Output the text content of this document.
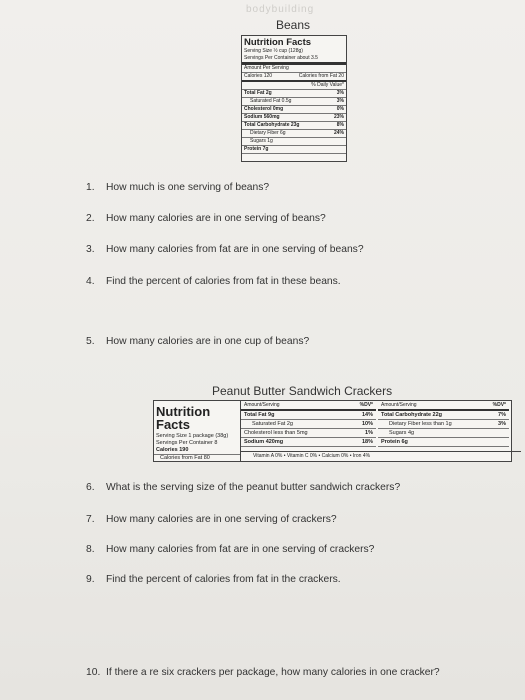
bodybuilding
Beans
Nutrition Facts
Serving Size ½ cup (128g)
Servings Per Container about 3.5
Amount Per Serving
Calories 120	Calories from Fat 20
% Daily Value*
Total Fat 2g	3%
Saturated Fat 0.5g	3%
Cholesterol 0mg	0%
Sodium 560mg	23%
Total Carbohydrate 23g	8%
Dietary Fiber 6g	24%
Sugars 1g
Protein 7g
1. How much is one serving of beans?
2. How many calories are in one serving of beans?
3. How many calories from fat are in one serving of beans?
4. Find the percent of calories from fat in these beans.
5. How many calories are in one cup of beans?
Peanut Butter Sandwich Crackers
Nutrition
Facts
Serving Size 1 package (38g)
Servings Per Container 8
Calories 190
Calories from Fat 80
Amount/Serving	%DV*
Total Fat 9g	14%
Saturated Fat 2g	10%
Cholesterol less than 5mg	1%
Sodium 420mg	18%
Amount/Serving	%DV*
Total Carbohydrate 22g	7%
Dietary Fiber less than 1g	3%
Sugars 4g
Protein 6g
Vitamin A 0% • Vitamin C 0% • Calcium 0% • Iron 4%
6. What is the serving size of the peanut butter sandwich crackers?
7. How many calories are in one serving of crackers?
8. How many calories from fat are in one serving of crackers?
9. Find the percent of calories from fat in the crackers.
10. If there a re six crackers per package, how many calories in one cracker?
